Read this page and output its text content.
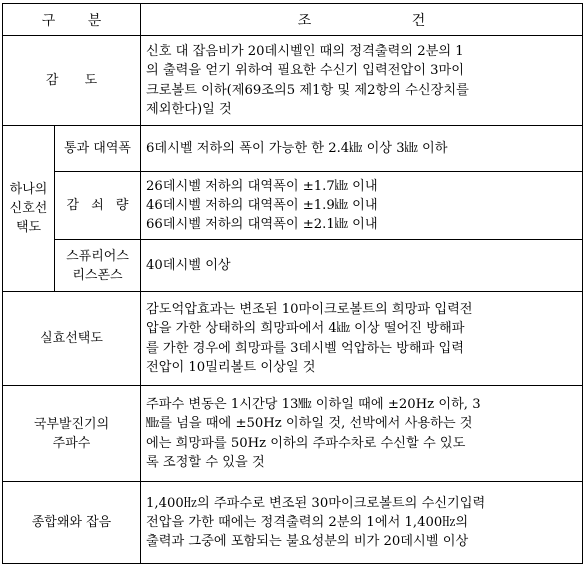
구 분		조 건
감 도		신호 대 잡음비가 20데시벨인 때의 정격출력의 2분의 1
의 출력을 얻기 위하여 필요한 수신기 입력전압이 3마이
크로볼트 이하(제69조의5 제1항 및 제2항의 수신장치를
제외한다)일 것

하나의
신호선
택도	통과 대역폭	6데시벨 저하의 폭이 가능한 한 2.4㎑ 이상 3㎑ 이하
	감 쇠 량	26데시벨 저하의 대역폭이 ±1.7㎑ 이내
46데시벨 저하의 대역폭이 ±1.9㎑ 이내
66데시벨 저하의 대역폭이 ±2.1㎑ 이내

	스퓨리어스
리스폰스	40데시벨 이상
실효선택도		감도억압효과는 변조된 10마이크로볼트의 희망파 입력전
압을 가한 상태하의 희망파에서 4㎑ 이상 떨어진 방해파
를 가한 경우에 희망파를 3데시벨 억압하는 방해파 입력
전압이 10밀리볼트 이상일 것

국부발진기의
주파수		주파수 변동은 1시간당 13㎒ 이하일 때에 ±20Hz 이하, 3
㎒를 넘을 때에 ±50Hz 이하일 것, 선박에서 사용하는 것
에는 희망파를 50Hz 이하의 주파수차로 수신할 수 있도
록 조정할 수 있을 것

종합왜와 잡음		1,400㎐의 주파수로 변조된 30마이크로볼트의 수신기입력
전압을 가한 때에는 정격출력의 2분의 1에서 1,400㎐의
출력과 그중에 포함되는 불요성분의 비가 20데시벨 이상
